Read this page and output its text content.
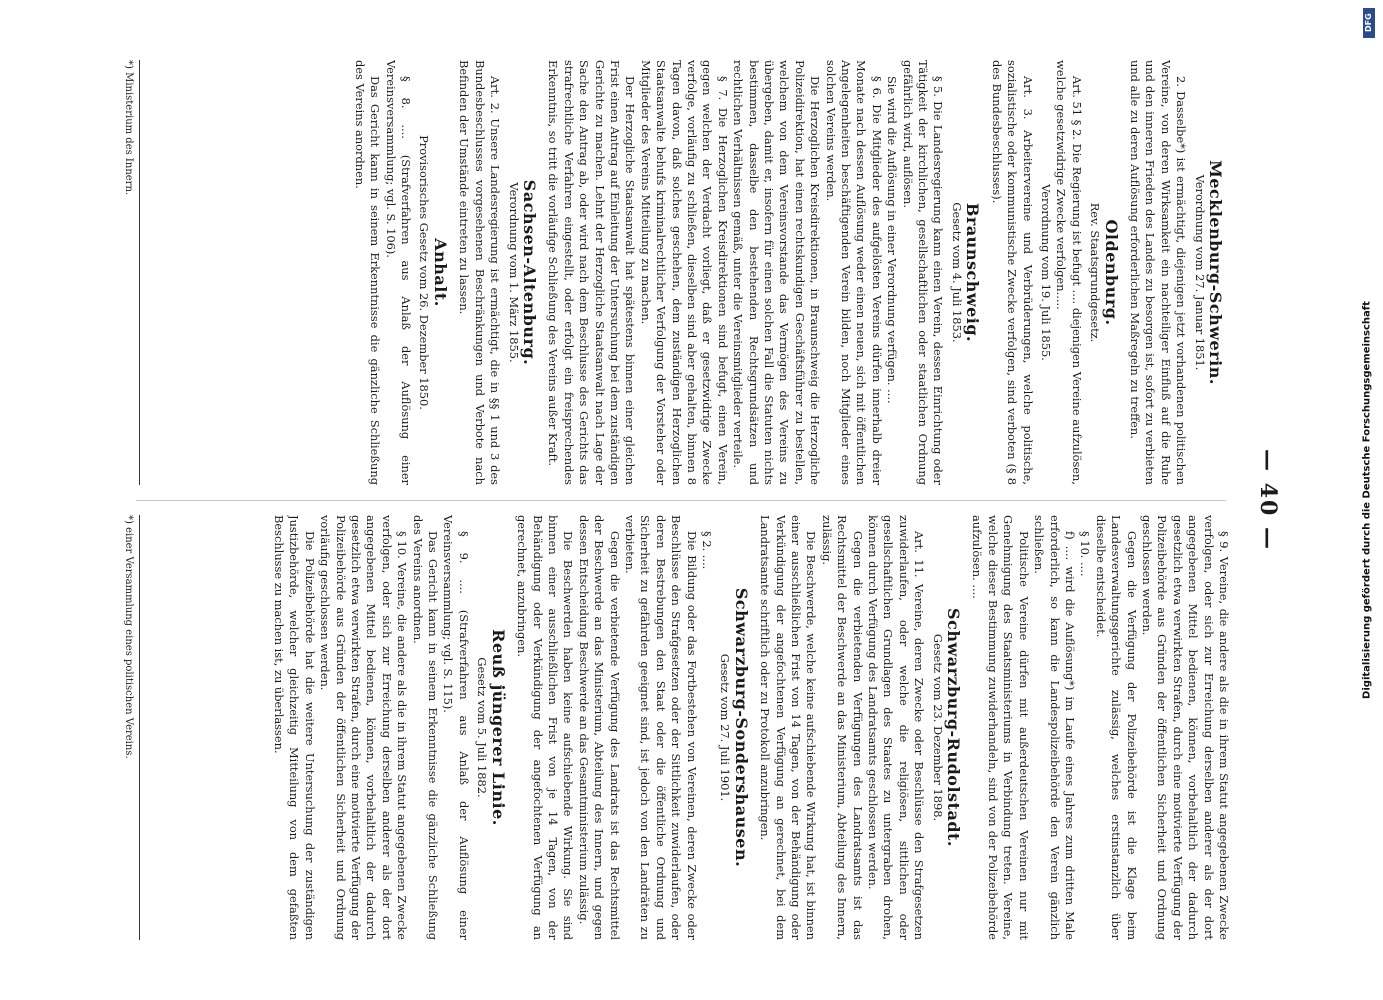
— 40 —
Mecklenburg-Schwerin.
Verordnung vom 27. Januar 1851.

2. Dasselbe*) ist ermächtigt, diejenigen jetzt vorhandenen politischen Vereine, von deren Wirksamkeit ein nachteiliger Einfluß auf die Ruhe und den inneren Frieden des Landes zu besorgen ist, sofort zu verbieten und alle zu deren Auflösung erforderlichen Maßregeln zu treffen.

Oldenburg.
Rev. Staatsgrundgesetz.

Art. 51 § 2. Die Regierung ist befugt .... diejenigen Vereine aufzulösen, welche gesetzwidrige Zwecke verfolgen.....

Verordnung vom 19. Juli 1855.

Art. 3. Arbeitervereine und Verbrüderungen, welche politische, sozialistische oder kommunistische Zwecke verfolgen, sind verboten (§ 8 des Bundesbeschlusses).

Braunschweig.
Gesetz vom 4. Juli 1853.

§ 5. Die Landesregierung kann einen Verein, dessen Einrichtung oder Tätigkeit der kirchlichen, gesellschaftlichen oder staatlichen Ordnung gefährlich wird, auflösen.

Sie wird die Auflösung in einer Verordnung verfügen. ....

§ 6. Die Mitglieder des aufgelösten Vereins dürfen innerhalb dreier Monate nach dessen Auflösung weder einen neuen, sich mit öffentlichen Angelegenheiten beschäftigenden Verein bilden, noch Mitglieder eines solchen Vereins werden.

Die Herzoglichen Kreisdirektionen, in Braunschweig die Herzogliche Polizeidirektion, hat einen rechtskundigen Geschäftsführer zu bestellen, welchem von dem Vereinsvorstande das Vermögen des Vereins zu übergeben, damit er, insofern für einen solchen Fall die Statuten nichts bestimmen, dasselbe den bestehenden Rechtsgrundsätzen und rechtlichen Verhältnissen gemäß, unter die Vereinsmitglieder verteile.

§ 7. Die Herzoglichen Kreisdirektionen sind befugt, einen Verein, gegen welchen der Verdacht vorliegt, daß er gesetzwidrige Zwecke verfolge, vorläufig zu schließen, dieselben sind aber gehalten, binnen 8 Tagen davon, daß solches geschehen, dem zuständigen Herzoglichen Staatsanwalte behufs kriminalrechtlicher Verfolgung der Vorsteher oder Mitglieder des Vereins Mitteilung zu machen.

Der Herzogliche Staatsanwalt hat spätestens binnen einer gleichen Frist einen Antrag auf Einleitung der Untersuchung bei dem zuständigen Gerichte zu machen. Lehnt der Herzogliche Staatsanwalt nach Lage der Sache den Antrag ab, oder wird nach dem Beschlusse des Gerichts das strafrechtliche Verfahren eingestellt, oder erfolgt ein freisprechendes Erkenntnis, so tritt die vorläufige Schließung des Vereins außer Kraft.

Sachsen-Altenburg.
Verordnung vom 1. März 1855.

Art. 2. Unsere Landesregierung ist ermächtigt, die in §§ 1 und 3 des Bundesbeschlusses vorgesehenen Beschränkungen und Verbote nach Befinden der Umstände eintreten zu lassen.

Anhalt.
Provisorisches Gesetz vom 26. Dezember 1850.

§ 8. .... (Strafverfahren aus Anlaß der Auflösung einer Vereinsversammlung; vgl. S. 106).

Das Gericht kann in seinem Erkenntnisse die gänzliche Schließung des Vereins anordnen.

*) Ministerium des Innern.

§ 9. Vereine, die andere als die in ihrem Statut angegebenen Zwecke verfolgen, oder sich zur Erreichung derselben anderer als der dort angegebenen Mittel bedienen, können, vorbehaltlich der dadurch gesetzlich etwa verwirkten Strafen, durch eine motivierte Verfügung der Polizeibehörde aus Gründen der öffentlichen Sicherheit und Ordnung geschlossen werden.

Gegen die Verfügung der Polizeibehörde ist die Klage beim Landesverwaltungsgerichte zulässig, welches erstinstanzlich über dieselbe entscheidet.

§ 10. ....

f) .... wird die Auflösung*) im Laufe eines Jahres zum dritten Male erforderlich, so kann die Landespolizeibehörde den Verein gänzlich schließen.

Politische Vereine dürfen mit außerdeutschen Vereinen nur mit Genehmigung des Staatsministeriums in Verbindung treten. Vereine, welche dieser Bestimmung zuwiderhandeln, sind von der Polizeibehörde aufzulösen. ....

Schwarzburg-Rudolstadt.
Gesetz vom 23. Dezember 1898.

Art. 11. Vereine, deren Zwecke oder Beschlüsse den Strafgesetzen zuwiderlaufen, oder welche die religiösen, sittlichen oder gesellschaftlichen Grundlagen des Staates zu untergraben drohen, können durch Verfügung des Landratsamts geschlossen werden.

Gegen die verbietenden Verfügungen des Landratsamts ist das Rechtsmittel der Beschwerde an das Ministerium, Abteilung des Innern, zulässig.

Die Beschwerde, welche keine aufschiebende Wirkung hat, ist binnen einer ausschließlichen Frist von 14 Tagen, von der Behändigung oder Verkündigung der angefochtenen Verfügung an gerechnet, bei dem Landratsamte schriftlich oder zu Protokoll anzubringen.

Schwarzburg-Sondershausen.
Gesetz vom 27. Juli 1901.

§ 2. ....

Die Bildung oder das Fortbestehen von Vereinen, deren Zwecke oder Beschlüsse den Strafgesetzen oder der Sittlichkeit zuwiderlaufen, oder deren Bestrebungen den Staat oder die öffentliche Ordnung und Sicherheit zu gefährden geeignet sind, ist jedoch von den Landräten zu verbieten.

Gegen die verbietende Verfügung des Landrats ist das Rechtsmittel der Beschwerde an das Ministerium, Abteilung des Innern, und gegen dessen Entscheidung Beschwerde an das Gesamtministerium zulässig.

Die Beschwerden haben keine aufschiebende Wirkung. Sie sind binnen einer ausschließlichen Frist von je 14 Tagen, von der Behändigung oder Verkündigung der angefochtenen Verfügung an gerechnet, anzubringen.

Reuß jüngerer Linie.
Gesetz vom 5. Juli 1882.

§ 9. .... (Strafverfahren aus Anlaß der Auflösung einer Vereinsversammlung; vgl. S. 115).

Das Gericht kann in seinem Erkenntnisse die gänzliche Schließung des Vereins anordnen.

§ 10. Vereine, die andere als die in ihrem Statut angegebenen Zwecke verfolgen, oder sich zur Erreichung derselben anderer als der dort angegebenen Mittel bedienen, können, vorbehaltlich der dadurch gesetzlich etwa verwirkten Strafen, durch eine motivierte Verfügung der Polizeibehörde aus Gründen der öffentlichen Sicherheit und Ordnung vorläufig geschlossen werden.

Die Polizeibehörde hat die weitere Untersuchung der zuständigen Justizbehörde, welcher gleichzeitig Mitteilung von dem gefaßten Beschlusse zu machen ist, zu überlassen.

*) einer Versammlung eines politischen Vereins.
DFG
Digitalisierung gefördert durch die Deutsche Forschungsgemeinschaft
